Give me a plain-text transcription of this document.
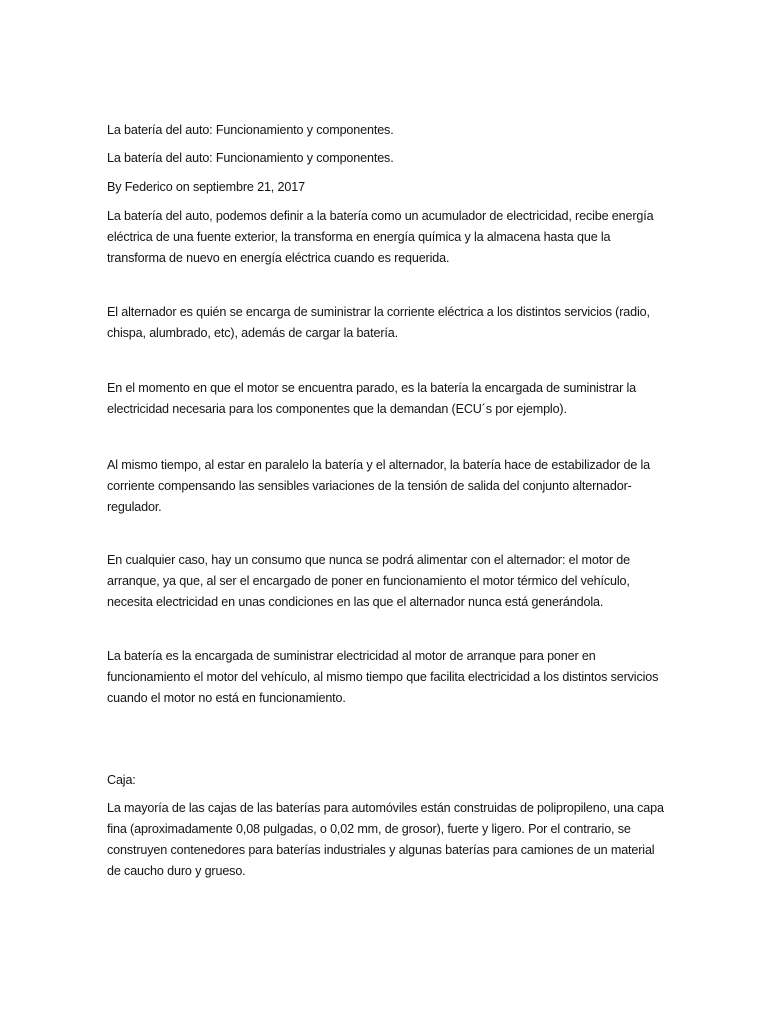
La batería del auto: Funcionamiento y componentes.

La batería del auto: Funcionamiento y componentes.

By Federico on septiembre 21, 2017

La batería del auto, podemos definir a la batería como un acumulador de electricidad, recibe energía eléctrica de una fuente exterior, la transforma en energía química y la almacena hasta que la transforma de nuevo en energía eléctrica cuando es requerida.

El alternador es quién se encarga de suministrar la corriente eléctrica a los distintos servicios (radio, chispa, alumbrado, etc), además de cargar la batería.

En el momento en que el motor se encuentra parado, es la batería la encargada de suministrar la electricidad necesaria para los componentes que la demandan (ECU´s por ejemplo).

Al mismo tiempo, al estar en paralelo la batería y el alternador, la batería hace de estabilizador de la corriente compensando las sensibles variaciones de la tensión de salida del conjunto alternador-regulador.

En cualquier caso, hay un consumo que nunca se podrá alimentar con el alternador: el motor de arranque, ya que, al ser el encargado de poner en funcionamiento el motor térmico del vehículo, necesita electricidad en unas condiciones en las que el alternador nunca está generándola.

La batería es la encargada de suministrar electricidad al motor de arranque para poner en funcionamiento el motor del vehículo, al mismo tiempo que facilita electricidad a los distintos servicios cuando el motor no está en funcionamiento.

Caja:

La mayoría de las cajas de las baterías para automóviles están construidas de polipropileno, una capa fina (aproximadamente 0,08 pulgadas, o 0,02 mm, de grosor), fuerte y ligero. Por el contrario, se construyen contenedores para baterías industriales y algunas baterías para camiones de un material de caucho duro y grueso.
